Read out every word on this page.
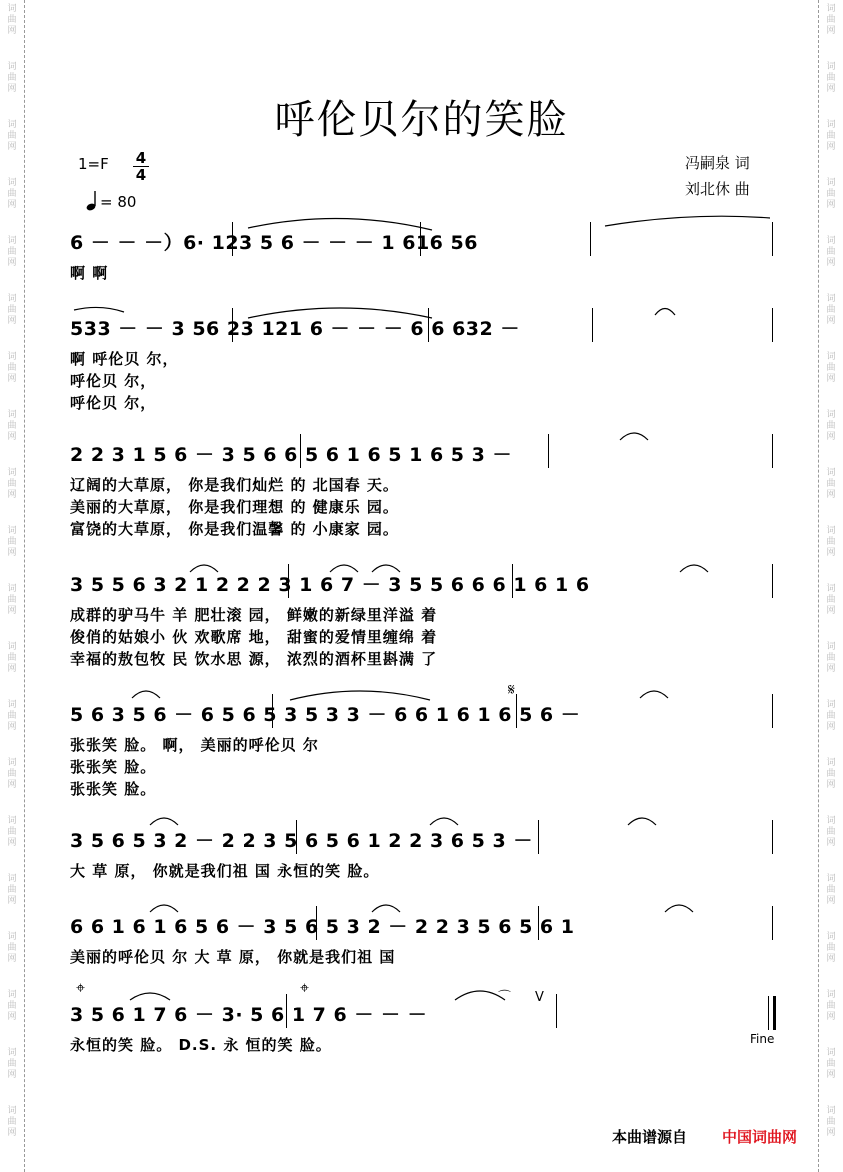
词
曲
网
词
曲
网
词
曲
网
词
曲
网
词
曲
网
词
曲
网
词
曲
网
词
曲
网
词
曲
网
词
曲
网
词
曲
网
词
曲
网
词
曲
网
词
曲
网
词
曲
网
词
曲
网
词
曲
网
词
曲
网
词
曲
网
词
曲
网
词
曲
网
词
曲
网
词
曲
网
词
曲
网
词
曲
网
词
曲
网
词
曲
网
词
曲
网
词
曲
网
词
曲
网
词
曲
网
词
曲
网
词
曲
网
词
曲
网
词
曲
网
词
曲
网
词
曲
网
词
曲
网
词
曲
网
词
曲
网
呼伦贝尔的笑脸
1=F 4
4
= 80
冯嗣泉 词
刘北休 曲
6 － － －）6· 123 5 6 － － － 1 616 56
啊 啊
533 － － 3 56 23 121 6 － － － 6 6 632 －
啊 呼伦贝 尔，
呼伦贝 尔，
呼伦贝 尔，
2 2 3 1 5 6 － 3 5 6 6 5 6 1 6 5 1 6 5 3 －
辽阔的大草原， 你是我们灿烂 的 北国春 天。
美丽的大草原， 你是我们理想 的 健康乐 园。
富饶的大草原， 你是我们温馨 的 小康家 园。
3 5 5 6 3 2 1 2 2 2 3 1 6 7 － 3 5 5 6 6 6 1 6 1 6
成群的驴马牛 羊 肥壮滚 园， 鲜嫩的新绿里洋溢 着
俊俏的姑娘小 伙 欢歌席 地， 甜蜜的爱情里缠绵 着
幸福的敖包牧 民 饮水思 源， 浓烈的酒杯里斟满 了
5 6 3 5 6 － 6 5 6 5 3 5 3 3 － 6 6 1 6 1 6 5 6 －
张张笑 脸。 啊， 美丽的呼伦贝 尔
张张笑 脸。
张张笑 脸。
3 5 6 5 3 2 － 2 2 3 5 6 5 6 1 2 2 3 6 5 3 －
大 草 原， 你就是我们祖 国 永恒的笑 脸。
6 6 1 6 1 6 5 6 － 3 5 6 5 3 2 － 2 2 3 5 6 5 6 1
美丽的呼伦贝 尔 大 草 原， 你就是我们祖 国
3 5 6 1 7 6 － 3· 5 6 1 7 6 － － －
永恒的笑 脸。 D.S. 永 恒的笑 脸。
𝄋
⌖	⌖
⌒ V
Fine
本曲谱源自 中国词曲网
